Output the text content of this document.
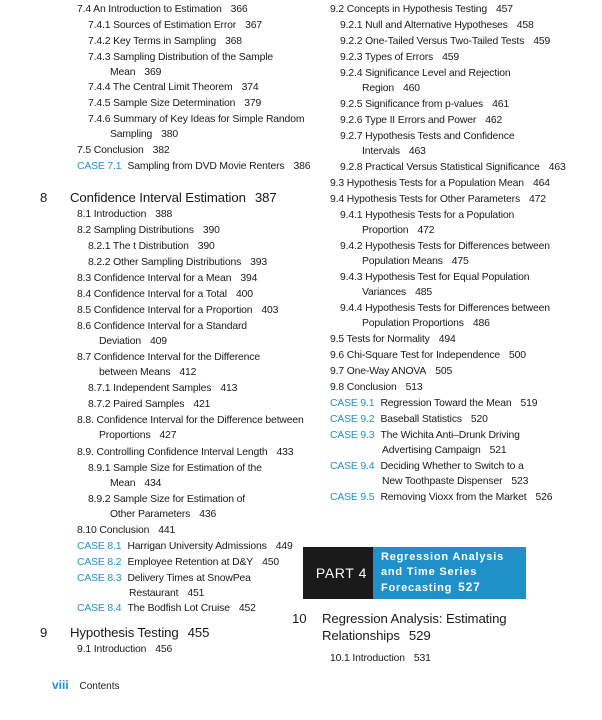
7.4 An Introduction to Estimation 366
7.4.1 Sources of Estimation Error 367
7.4.2 Key Terms in Sampling 368
7.4.3 Sampling Distribution of the Sample
Mean 369
7.4.4 The Central Limit Theorem 374
7.4.5 Sample Size Determination 379
7.4.6 Summary of Key Ideas for Simple Random
Sampling 380
7.5 Conclusion 382
CASE 7.1 Sampling from DVD Movie Renters 386
8 Confidence Interval Estimation 387
8.1 Introduction 388
8.2 Sampling Distributions 390
8.2.1 The t Distribution 390
8.2.2 Other Sampling Distributions 393
8.3 Confidence Interval for a Mean 394
8.4 Confidence Interval for a Total 400
8.5 Confidence Interval for a Proportion 403
8.6 Confidence Interval for a Standard
Deviation 409
8.7 Confidence Interval for the Difference
between Means 412
8.7.1 Independent Samples 413
8.7.2 Paired Samples 421
8.8. Confidence Interval for the Difference between
Proportions 427
8.9. Controlling Confidence Interval Length 433
8.9.1 Sample Size for Estimation of the
Mean 434
8.9.2 Sample Size for Estimation of
Other Parameters 436
8.10 Conclusion 441
CASE 8.1 Harrigan University Admissions 449
CASE 8.2 Employee Retention at D&Y 450
CASE 8.3 Delivery Times at SnowPea
Restaurant 451
CASE 8.4 The Bodfish Lot Cruise 452
9 Hypothesis Testing 455
9.1 Introduction 456
PART 4
Regression Analysis
and Time Series
Forecasting 527
viii Contents
9.2 Concepts in Hypothesis Testing 457
9.2.1 Null and Alternative Hypotheses 458
9.2.2 One-Tailed Versus Two-Tailed Tests 459
9.2.3 Types of Errors 459
9.2.4 Significance Level and Rejection
Region 460
9.2.5 Significance from p-values 461
9.2.6 Type II Errors and Power 462
9.2.7 Hypothesis Tests and Confidence
Intervals 463
9.2.8 Practical Versus Statistical Significance 463
9.3 Hypothesis Tests for a Population Mean 464
9.4 Hypothesis Tests for Other Parameters 472
9.4.1 Hypothesis Tests for a Population
Proportion 472
9.4.2 Hypothesis Tests for Differences between
Population Means 475
9.4.3 Hypothesis Test for Equal Population
Variances 485
9.4.4 Hypothesis Tests for Differences between
Population Proportions 486
9.5 Tests for Normality 494
9.6 Chi-Square Test for Independence 500
9.7 One-Way ANOVA 505
9.8 Conclusion 513
CASE 9.1 Regression Toward the Mean 519
CASE 9.2 Baseball Statistics 520
CASE 9.3 The Wichita Anti–Drunk Driving
Advertising Campaign 521
CASE 9.4 Deciding Whether to Switch to a
New Toothpaste Dispenser 523
CASE 9.5 Removing Vioxx from the Market 526
10 Regression Analysis: Estimating
Relationships 529
10.1 Introduction 531
